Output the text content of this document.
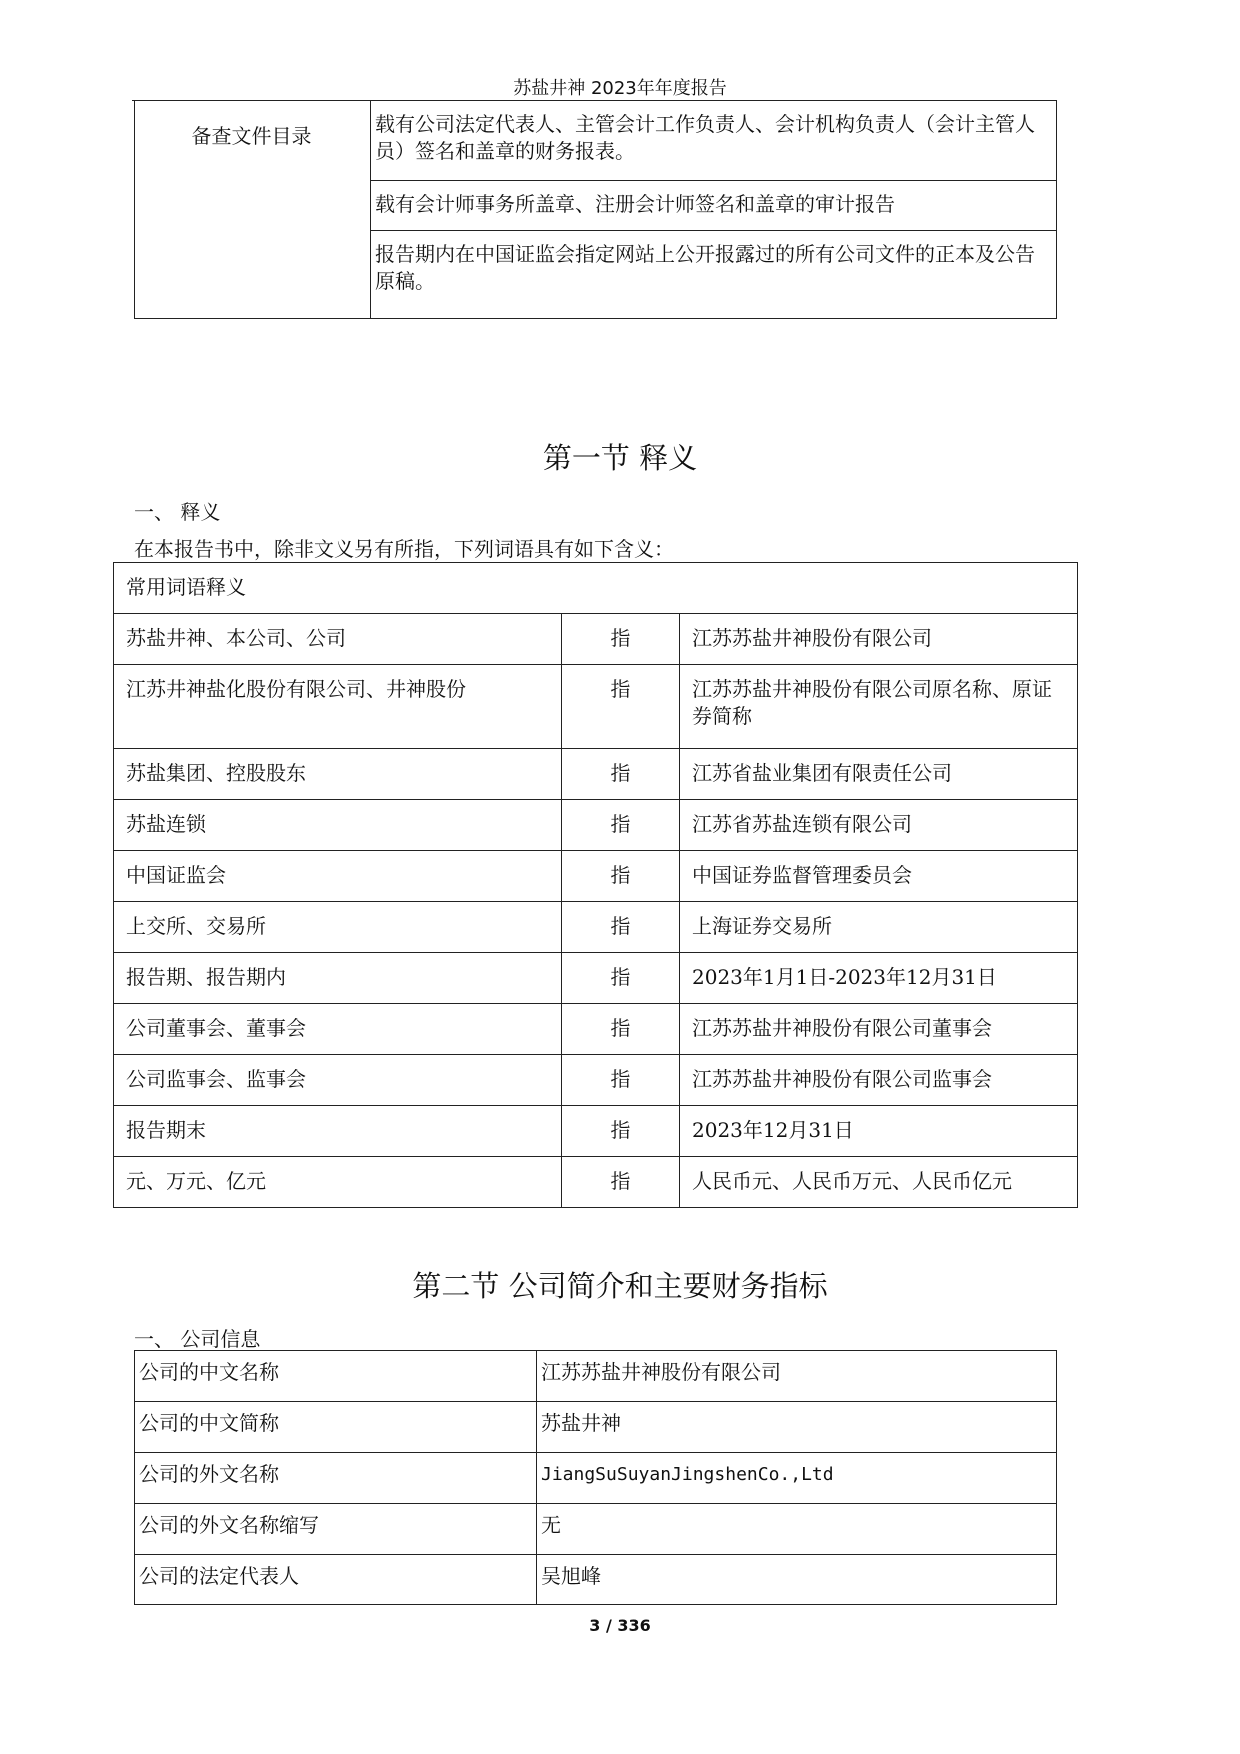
苏盐井神 2023年年度报告
备查文件目录	载有公司法定代表人、主管会计工作负责人、会计机构负责人（会计主管人员）签名和盖章的财务报表。
载有会计师事务所盖章、注册会计师签名和盖章的审计报告
报告期内在中国证监会指定网站上公开报露过的所有公司文件的正本及公告原稿。
第一节 释义
一、 释义
在本报告书中，除非文义另有所指，下列词语具有如下含义：
常用词语释义		
苏盐井神、本公司、公司	指	江苏苏盐井神股份有限公司
江苏井神盐化股份有限公司、井神股份	指	江苏苏盐井神股份有限公司原名称、原证券简称
苏盐集团、控股股东	指	江苏省盐业集团有限责任公司
苏盐连锁	指	江苏省苏盐连锁有限公司
中国证监会	指	中国证券监督管理委员会
上交所、交易所	指	上海证券交易所
报告期、报告期内	指	2023年1月1日-2023年12月31日
公司董事会、董事会	指	江苏苏盐井神股份有限公司董事会
公司监事会、监事会	指	江苏苏盐井神股份有限公司监事会
报告期末	指	2023年12月31日
元、万元、亿元	指	人民币元、人民币万元、人民币亿元
第二节 公司简介和主要财务指标
一、 公司信息
公司的中文名称	江苏苏盐井神股份有限公司
公司的中文简称	苏盐井神
公司的外文名称	JiangSuSuyanJingshenCo.,Ltd
公司的外文名称缩写	无
公司的法定代表人	吴旭峰
3 / 336
